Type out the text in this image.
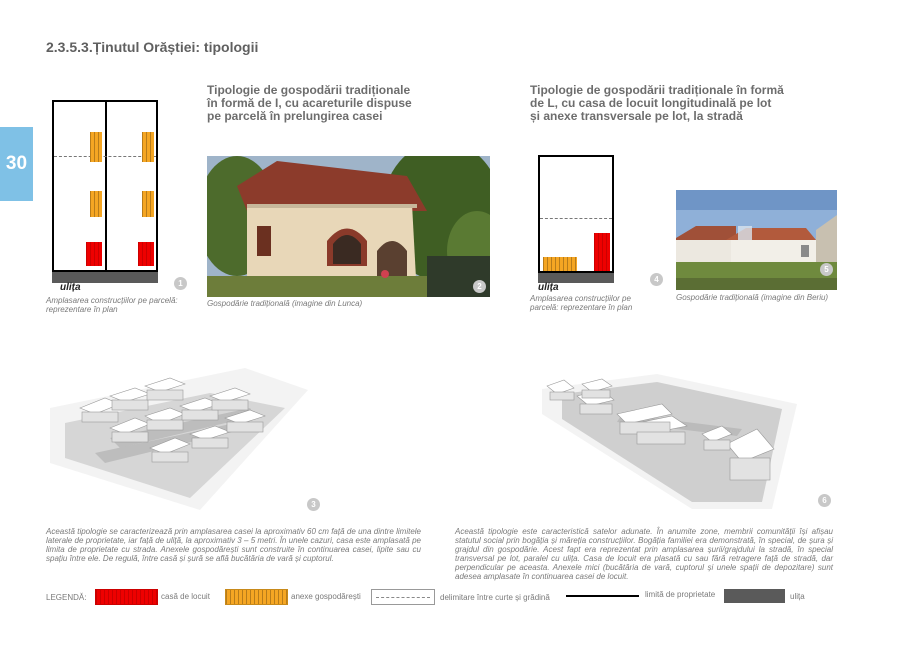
30
2.3.5.3.Ținutul Orăștiei: tipologii
Tipologie de gospodării tradiționale
în formă de I, cu acareturile dispuse
pe parcelă în prelungirea casei
ulița	1
Amplasarea construcțiilor pe parcelă:
reprezentare în plan
2
Gospodărie tradițională (imagine din Lunca)
3
Această tipologie se caracterizează prin amplasarea casei la aproximativ 60 cm față de una dintre limitele laterale de proprietate, iar față de uliță, la aproximativ 3 – 5 metri. În unele cazuri, casa este amplasată pe limita de proprietate cu strada. Anexele gospodărești sunt construite în continuarea casei, lipite sau cu spațiu între ele. De regulă, între casă și șură se află bucătăria de vară și cuptorul.
Tipologie de gospodării tradiționale în formă
de L, cu casa de locuit longitudinală pe lot
și anexe transversale pe lot, la stradă
ulița
4
Amplasarea construcțiilor pe
parcelă: reprezentare în plan
5
Gospodărie tradițională (imagine din Beriu)
6
Această tipologie este caracteristică satelor adunate. În anumite zone, membrii comunității își afișau statutul social prin bogăția și măreția construcțiilor. Bogăția familiei era demonstrată, în special, de șura și grajdul din gospodărie. Acest fapt era reprezentat prin amplasarea șurii/grajdului la stradă, în special transversal pe lot, paralel cu ulița. Casa de locuit era plasată cu sau fără retragere față de stradă, dar perpendicular pe aceasta. Anexele mici (bucătăria de vară, cuptorul și unele spații de depozitare) sunt adesea amplasate în continuarea casei de locuit.
LEGENDĂ:	casă de locuit	anexe gospodărești	delimitare între curte și grădină	limită de proprietate	ulița
